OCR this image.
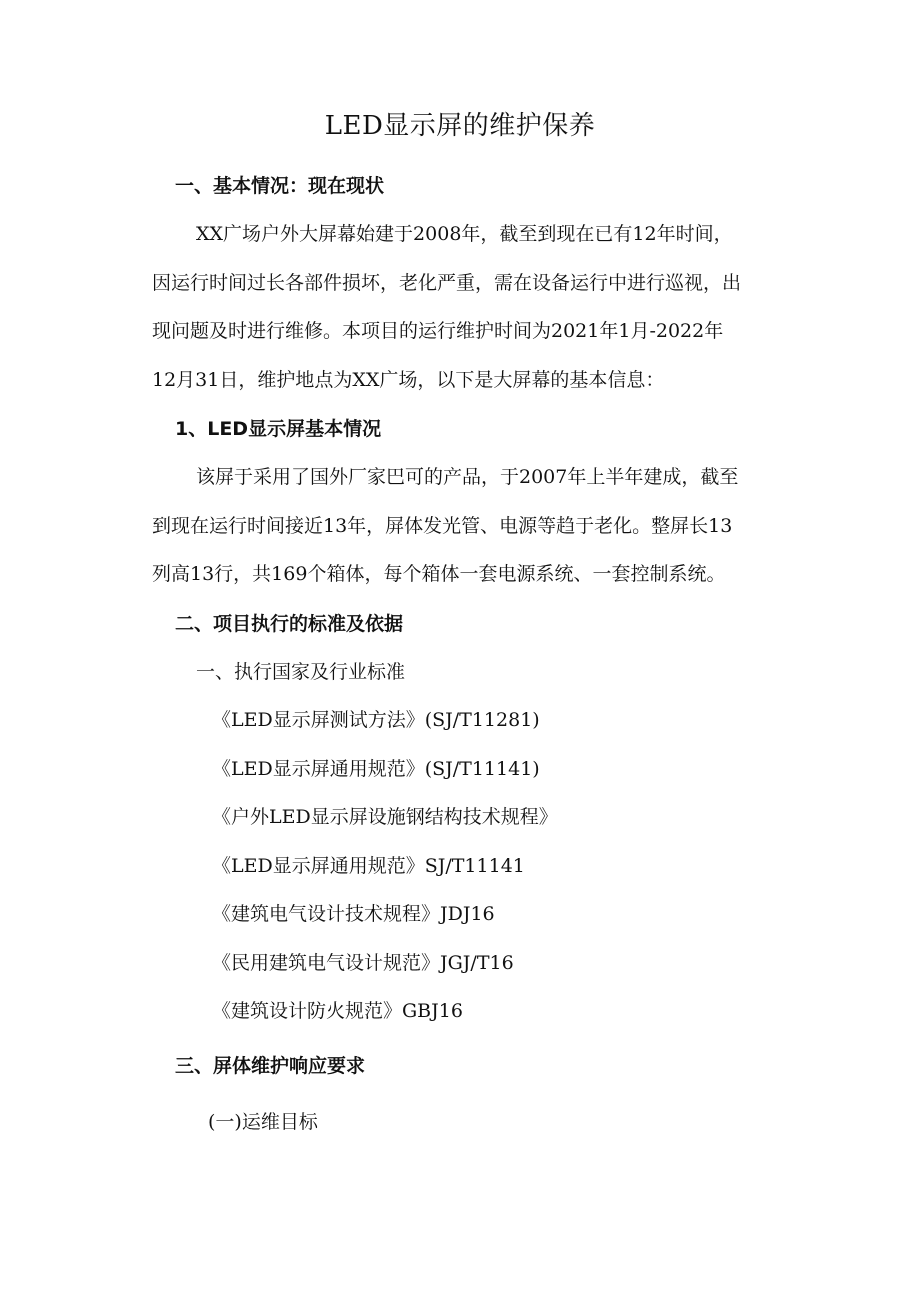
LED显示屏的维护保养
一、基本情况：现在现状
XX广场户外大屏幕始建于2008年，截至到现在已有12年时间，
因运行时间过长各部件损坏，老化严重，需在设备运行中进行巡视，出
现问题及时进行维修。本项目的运行维护时间为2021年1月-2022年
12月31日，维护地点为XX广场，以下是大屏幕的基本信息：
1、LED显示屏基本情况
该屏于采用了国外厂家巴可的产品，于2007年上半年建成，截至
到现在运行时间接近13年，屏体发光管、电源等趋于老化。整屏长13
列高13行，共169个箱体，每个箱体一套电源系统、一套控制系统。
二、项目执行的标准及依据
一、执行国家及行业标准
《LED显示屏测试方法》(SJ/T11281)
《LED显示屏通用规范》(SJ/T11141)
《户外LED显示屏设施钢结构技术规程》
《LED显示屏通用规范》SJ/T11141
《建筑电气设计技术规程》JDJ16
《民用建筑电气设计规范》JGJ/T16
《建筑设计防火规范》GBJ16
三、屏体维护响应要求
(一)运维目标
